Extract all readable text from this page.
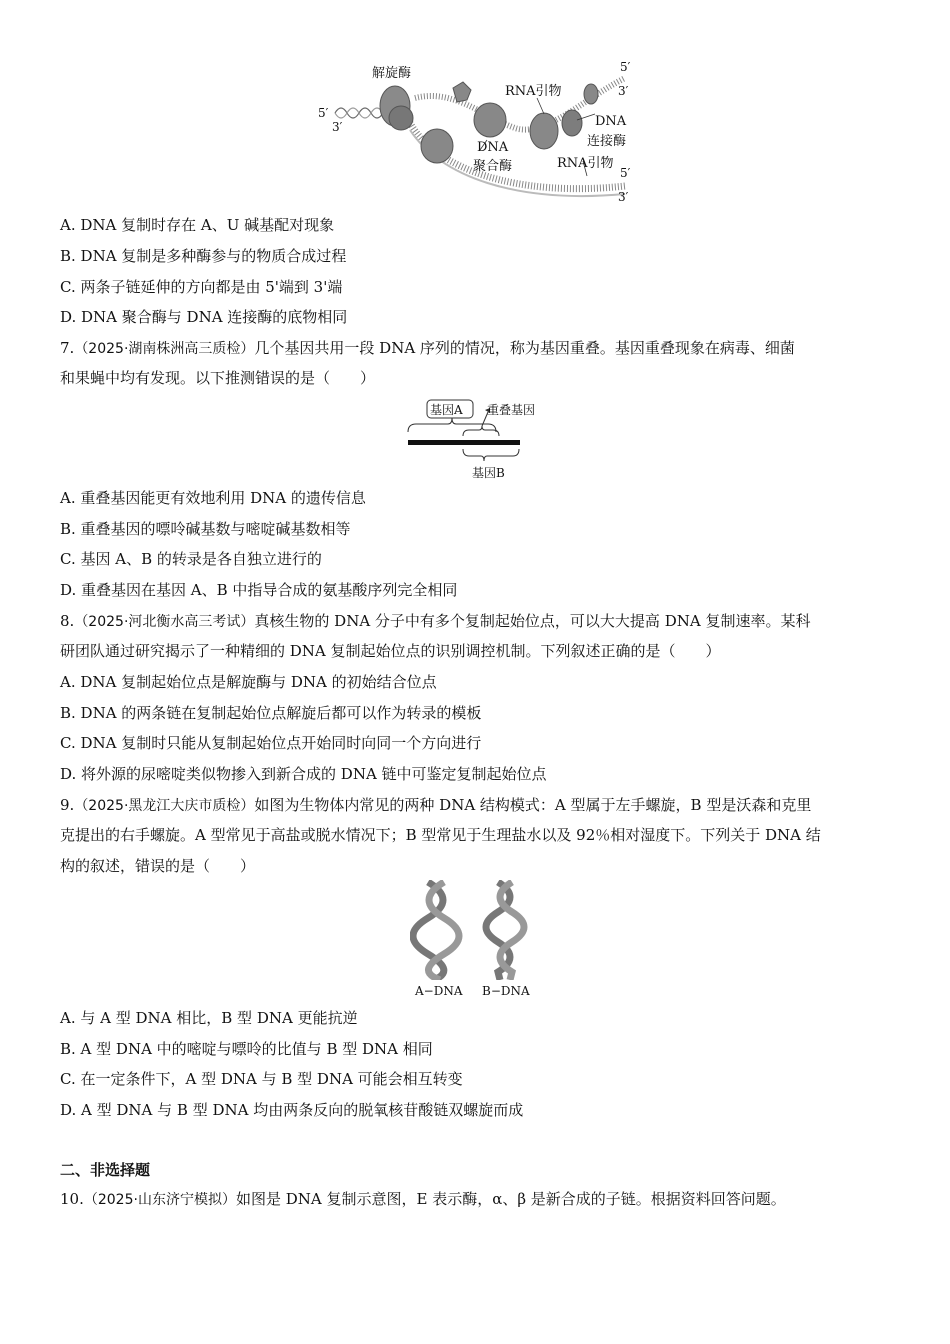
解旋酶
RNA引物
5′
3′
5′
3′
DNA
连接酶
DNA
聚合酶	RNA引物
5′
3′
A. DNA 复制时存在 A、U 碱基配对现象
B. DNA 复制是多种酶参与的物质合成过程
C. 两条子链延伸的方向都是由 5'端到 3'端
D. DNA 聚合酶与 DNA 连接酶的底物相同
7.（2025·湖南株洲高三质检）几个基因共用一段 DNA 序列的情况，称为基因重叠。基因重叠现象在病毒、细菌
和果蝇中均有发现。以下推测错误的是（　　）
基因A 重叠基因
基因B
A. 重叠基因能更有效地利用 DNA 的遗传信息
B. 重叠基因的嘌呤碱基数与嘧啶碱基数相等
C. 基因 A、B 的转录是各自独立进行的
D. 重叠基因在基因 A、B 中指导合成的氨基酸序列完全相同
8.（2025·河北衡水高三考试）真核生物的 DNA 分子中有多个复制起始位点，可以大大提高 DNA 复制速率。某科
研团队通过研究揭示了一种精细的 DNA 复制起始位点的识别调控机制。下列叙述正确的是（　　）
A. DNA 复制起始位点是解旋酶与 DNA 的初始结合位点
B. DNA 的两条链在复制起始位点解旋后都可以作为转录的模板
C. DNA 复制时只能从复制起始位点开始同时向同一个方向进行
D. 将外源的尿嘧啶类似物掺入到新合成的 DNA 链中可鉴定复制起始位点
9.（2025·黑龙江大庆市质检）如图为生物体内常见的两种 DNA 结构模式：A 型属于左手螺旋，B 型是沃森和克里
克提出的右手螺旋。A 型常见于高盐或脱水情况下；B 型常见于生理盐水以及 92％相对湿度下。下列关于 DNA 结
构的叙述，错误的是（　　）
A−DNA B−DNA
A. 与 A 型 DNA 相比，B 型 DNA 更能抗逆
B. A 型 DNA 中的嘧啶与嘌呤的比值与 B 型 DNA 相同
C. 在一定条件下，A 型 DNA 与 B 型 DNA 可能会相互转变
D. A 型 DNA 与 B 型 DNA 均由两条反向的脱氧核苷酸链双螺旋而成
二、非选择题
10.（2025·山东济宁模拟）如图是 DNA 复制示意图，E 表示酶，α、β 是新合成的子链。根据资料回答问题。
